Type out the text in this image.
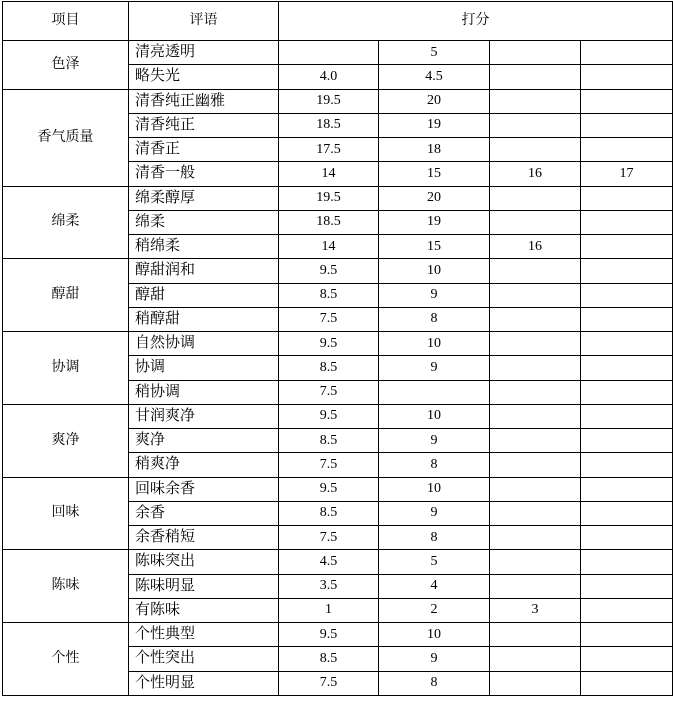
项目	评语	打分			
色泽	清亮透明		5		
	略失光	4.0	4.5		
香气质量	清香纯正幽雅	19.5	20		
	清香纯正	18.5	19		
	清香正	17.5	18		
	清香一般	14	15	16	17
绵柔	绵柔醇厚	19.5	20		
	绵柔	18.5	19		
	稍绵柔	14	15	16	
醇甜	醇甜润和	9.5	10		
	醇甜	8.5	9		
	稍醇甜	7.5	8		
协调	自然协调	9.5	10		
	协调	8.5	9		
	稍协调	7.5			
爽净	甘润爽净	9.5	10		
	爽净	8.5	9		
	稍爽净	7.5	8		
回味	回味余香	9.5	10		
	余香	8.5	9		
	余香稍短	7.5	8		
陈味	陈味突出	4.5	5		
	陈味明显	3.5	4		
	有陈味	1	2	3	
个性	个性典型	9.5	10		
	个性突出	8.5	9		
	个性明显	7.5	8		
